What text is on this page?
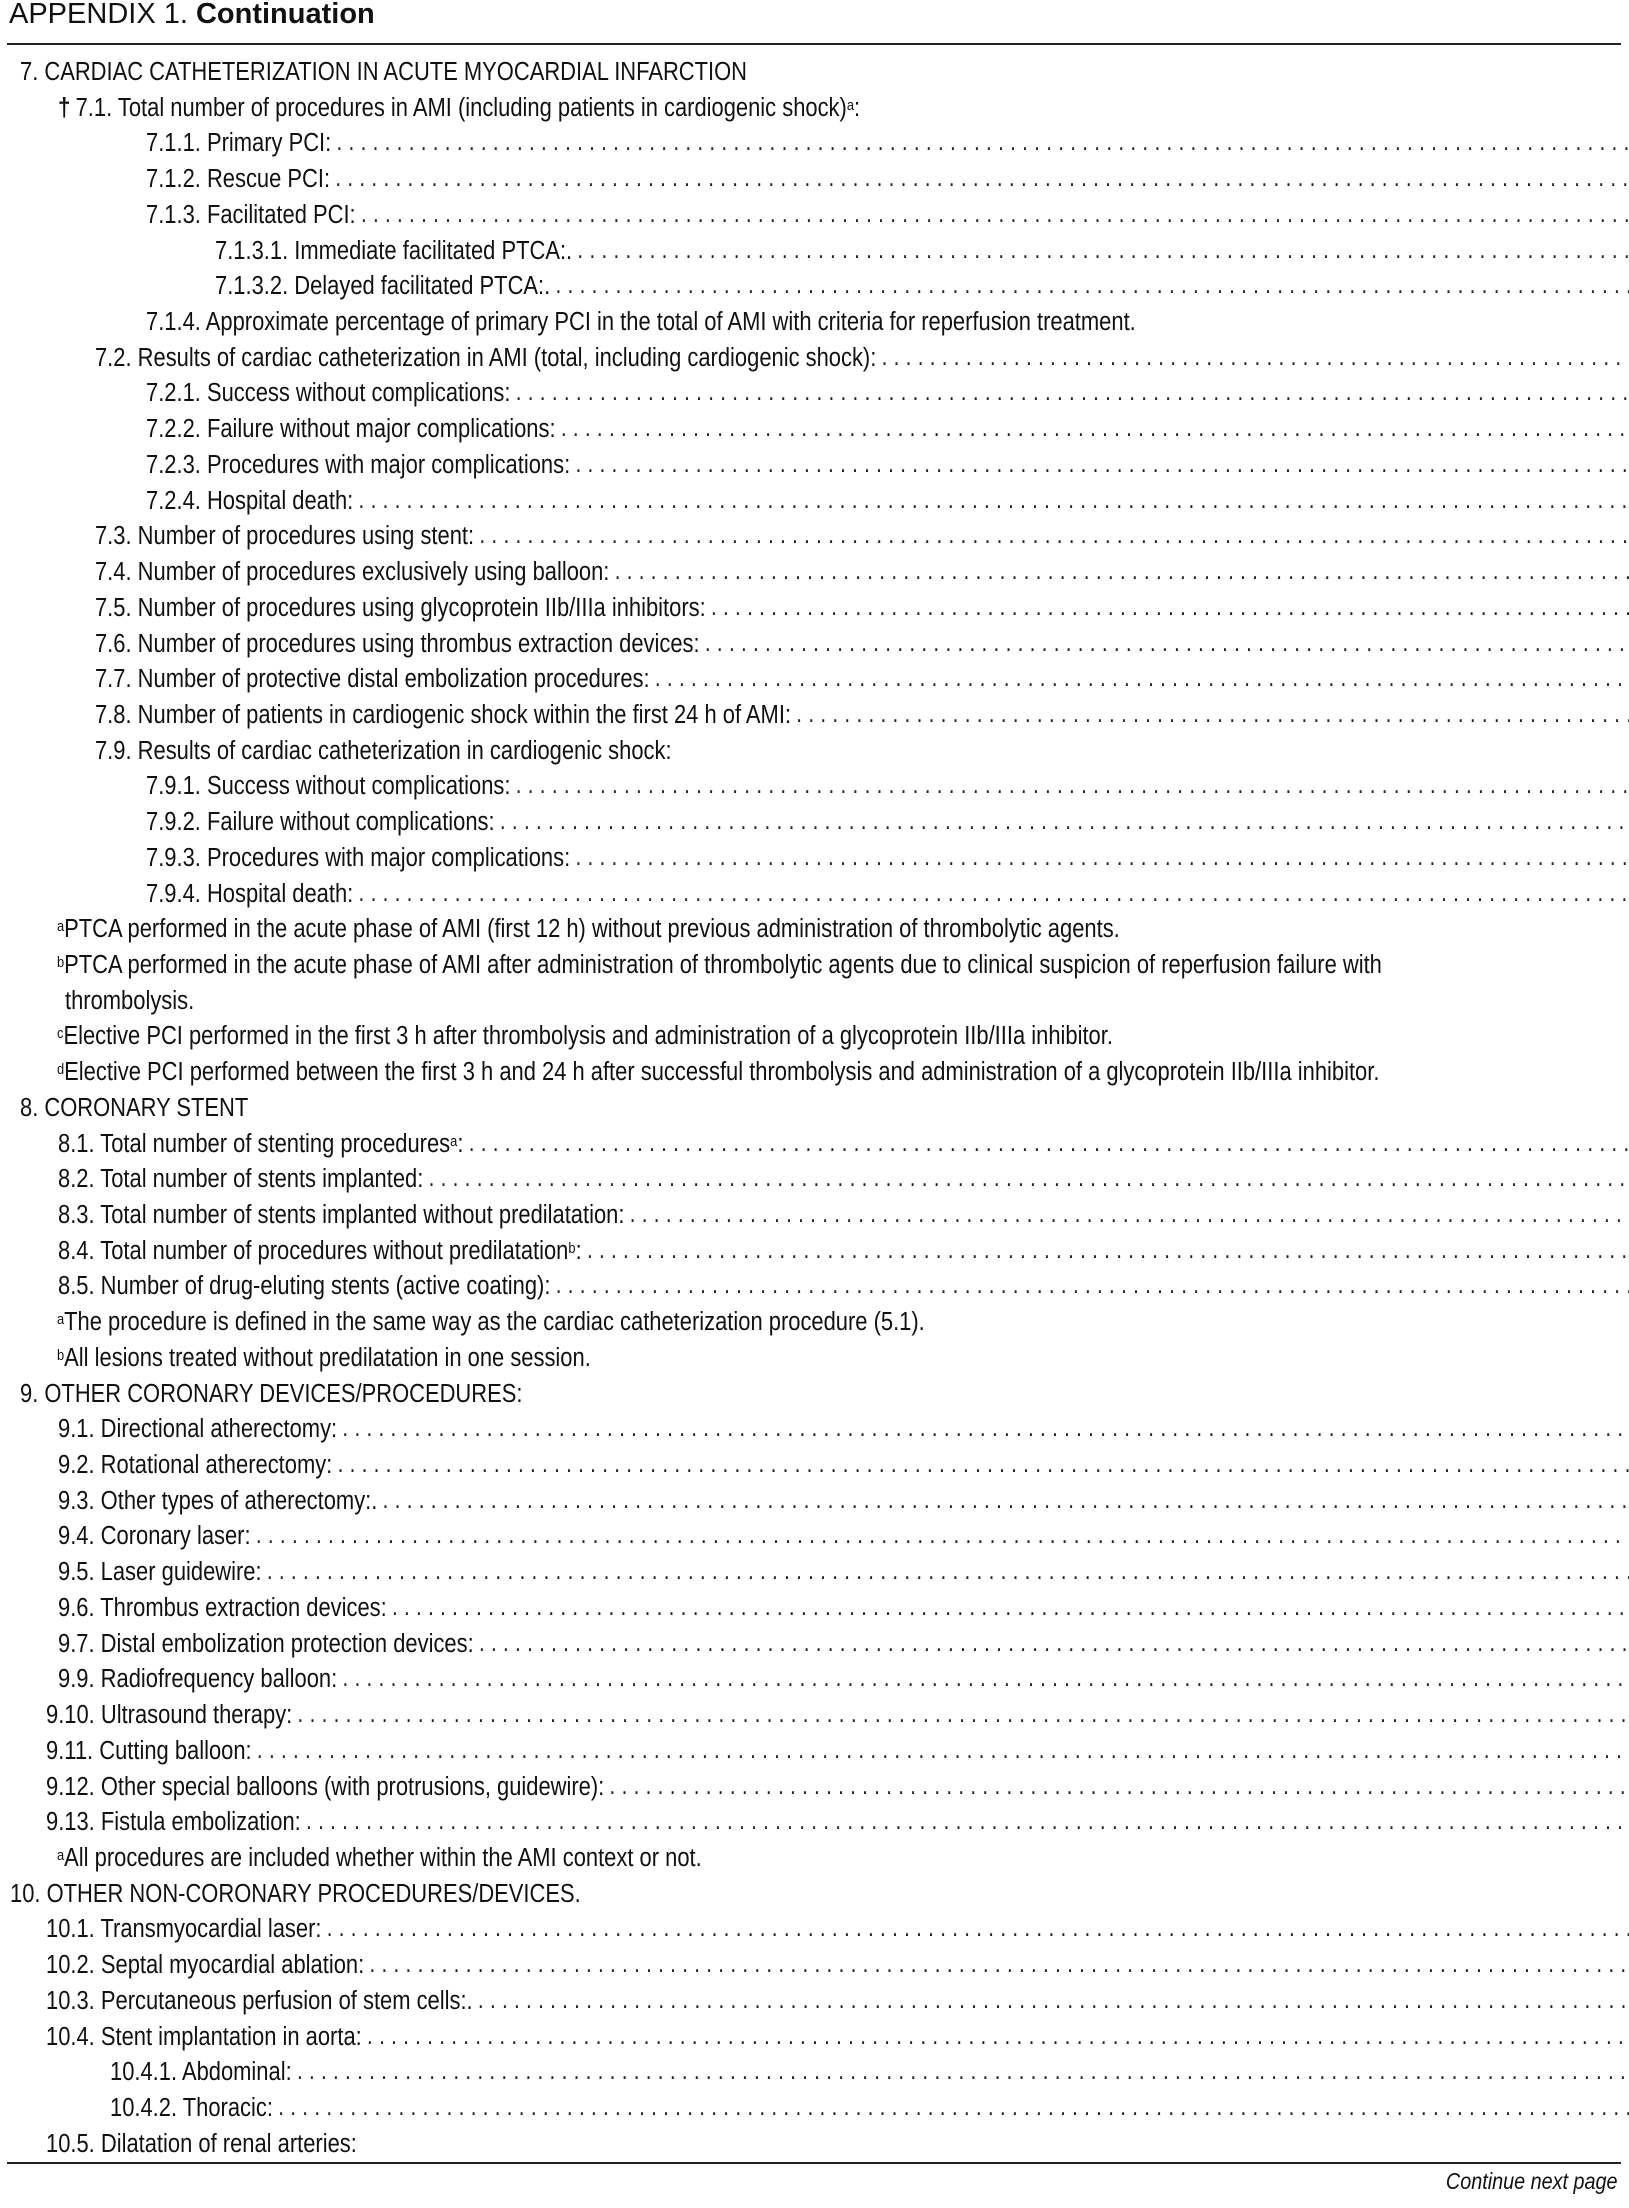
APPENDIX 1. Continuation
7. CARDIAC CATHETERIZATION IN ACUTE MYOCARDIAL INFARCTION
† 7.1. Total number of procedures in AMI (including patients in cardiogenic shock)$^a$:
7.1.1. Primary PCI:
. . .
7.1.2. Rescue PCI:
. . .
7.1.3. Facilitated PCI:
. . .
7.1.3.1. Immediate facilitated PTCA:.
. . .
7.1.3.2. Delayed facilitated PTCA:.
. . .
7.1.4. Approximate percentage of primary PCI in the total of AMI with criteria for reperfusion treatment.
7.2. Results of cardiac catheterization in AMI (total, including cardiogenic shock):
. . .
7.2.1. Success without complications:
. . .
7.2.2. Failure without major complications:
. . .
7.2.3. Procedures with major complications:
. . .
7.2.4. Hospital death:
. . .
7.3. Number of procedures using stent:
. . .
7.4. Number of procedures exclusively using balloon:
. . .
7.5. Number of procedures using glycoprotein IIb/IIIa inhibitors:
. . .
7.6. Number of procedures using thrombus extraction devices:
. . .
7.7. Number of protective distal embolization procedures:
. . .
7.8. Number of patients in cardiogenic shock within the first 24 h of AMI:
. . .
7.9. Results of cardiac catheterization in cardiogenic shock:
7.9.1. Success without complications:
. . .
7.9.2. Failure without complications:
. . .
7.9.3. Procedures with major complications:
. . .
7.9.4. Hospital death:
. . .
$^a$PTCA performed in the acute phase of AMI (first 12 h) without previous administration of thrombolytic agents.
$^b$PTCA performed in the acute phase of AMI after administration of thrombolytic agents due to clinical suspicion of reperfusion failure with
thrombolysis.
$^c$Elective PCI performed in the first 3 h after thrombolysis and administration of a glycoprotein IIb/IIIa inhibitor.
$^d$Elective PCI performed between the first 3 h and 24 h after successful thrombolysis and administration of a glycoprotein IIb/IIIa inhibitor.
8. CORONARY STENT
8.1. Total number of stenting procedures$^a$:
. . .
8.2. Total number of stents implanted:
. . .
8.3. Total number of stents implanted without predilatation:
. . .
8.4. Total number of procedures without predilatation$^b$:
. . .
8.5. Number of drug-eluting stents (active coating):
. . .
$^a$The procedure is defined in the same way as the cardiac catheterization procedure (5.1).
$^b$All lesions treated without predilatation in one session.
9. OTHER CORONARY DEVICES/PROCEDURES:
9.1. Directional atherectomy:
. . .
9.2. Rotational atherectomy:
. . .
9.3. Other types of atherectomy:.
. . .
9.4. Coronary laser:
. . .
9.5. Laser guidewire:
. . .
9.6. Thrombus extraction devices:
. . .
9.7. Distal embolization protection devices:
. . .
9.9. Radiofrequency balloon:
. . .
9.10. Ultrasound therapy:
. . .
9.11. Cutting balloon:
. . .
9.12. Other special balloons (with protrusions, guidewire):
. . .
9.13. Fistula embolization:
. . .
$^a$All procedures are included whether within the AMI context or not.
10. OTHER NON-CORONARY PROCEDURES/DEVICES.
10.1. Transmyocardial laser:
. . .
10.2. Septal myocardial ablation:
. . .
10.3. Percutaneous perfusion of stem cells:.
. . .
10.4. Stent implantation in aorta:
. . .
10.4.1. Abdominal:
. . .
10.4.2. Thoracic:
. . .
10.5. Dilatation of renal arteries:
Continue next page
